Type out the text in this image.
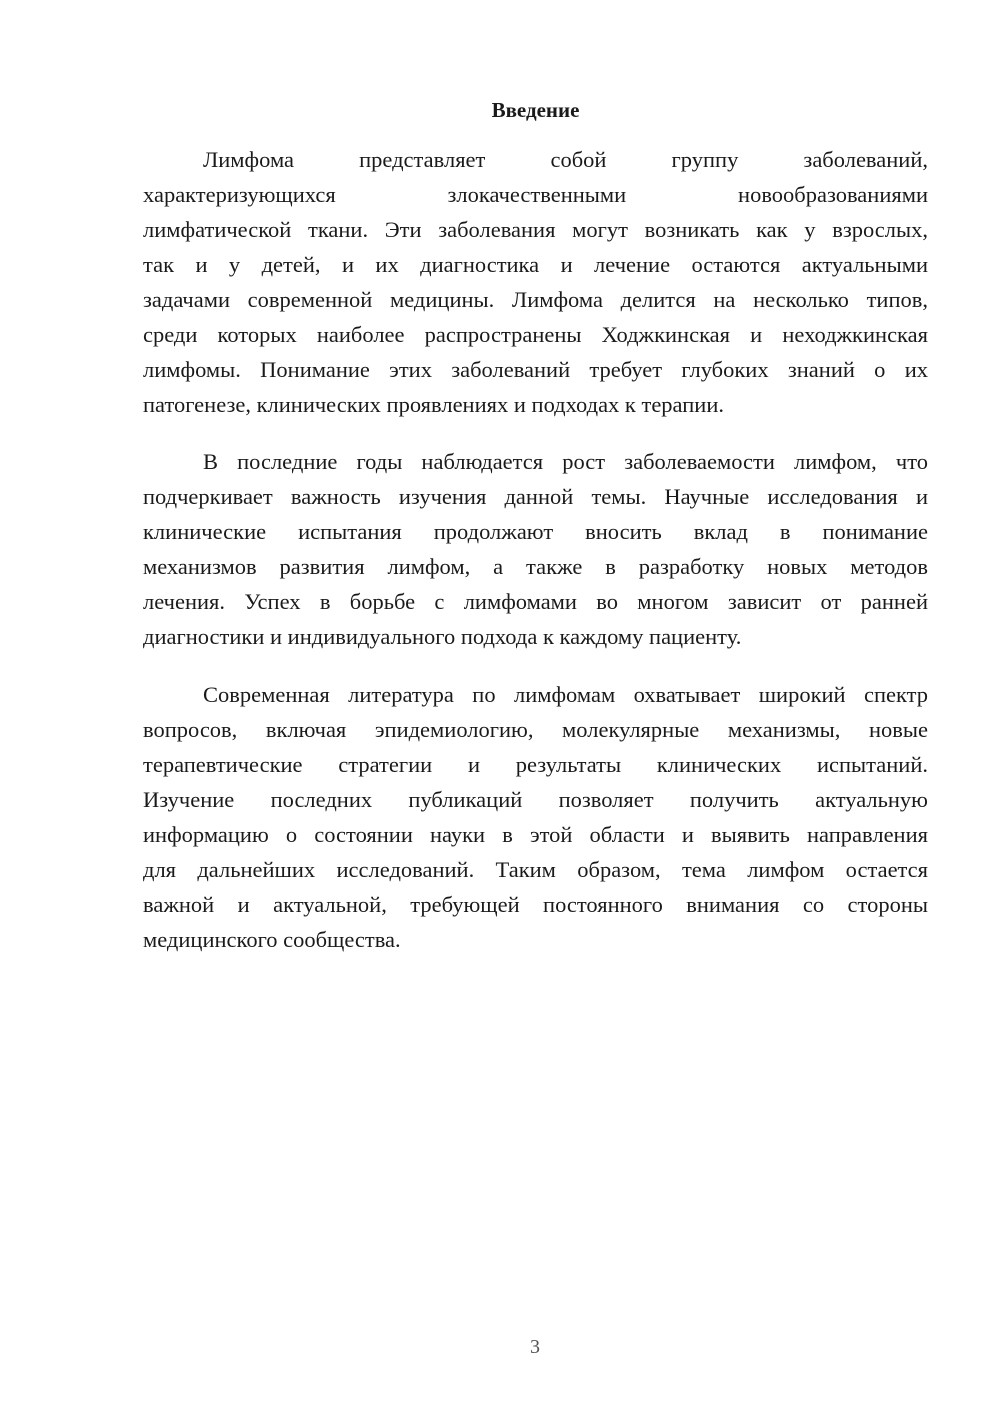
Введение

Лимфома представляет собой группу заболеваний,

характеризующихся злокачественными новообразованиями

лимфатической ткани. Эти заболевания могут возникать как у взрослых,

так и у детей, и их диагностика и лечение остаются актуальными

задачами современной медицины. Лимфома делится на несколько типов,

среди которых наиболее распространены Ходжкинская и неходжкинская

лимфомы. Понимание этих заболеваний требует глубоких знаний о их

патогенезе, клинических проявлениях и подходах к терапии.

В последние годы наблюдается рост заболеваемости лимфом, что

подчеркивает важность изучения данной темы. Научные исследования и

клинические испытания продолжают вносить вклад в понимание

механизмов развития лимфом, а также в разработку новых методов

лечения. Успех в борьбе с лимфомами во многом зависит от ранней

диагностики и индивидуального подхода к каждому пациенту.

Современная литература по лимфомам охватывает широкий спектр

вопросов, включая эпидемиологию, молекулярные механизмы, новые

терапевтические стратегии и результаты клинических испытаний.

Изучение последних публикаций позволяет получить актуальную

информацию о состоянии науки в этой области и выявить направления

для дальнейших исследований. Таким образом, тема лимфом остается

важной и актуальной, требующей постоянного внимания со стороны

медицинского сообщества.

3
